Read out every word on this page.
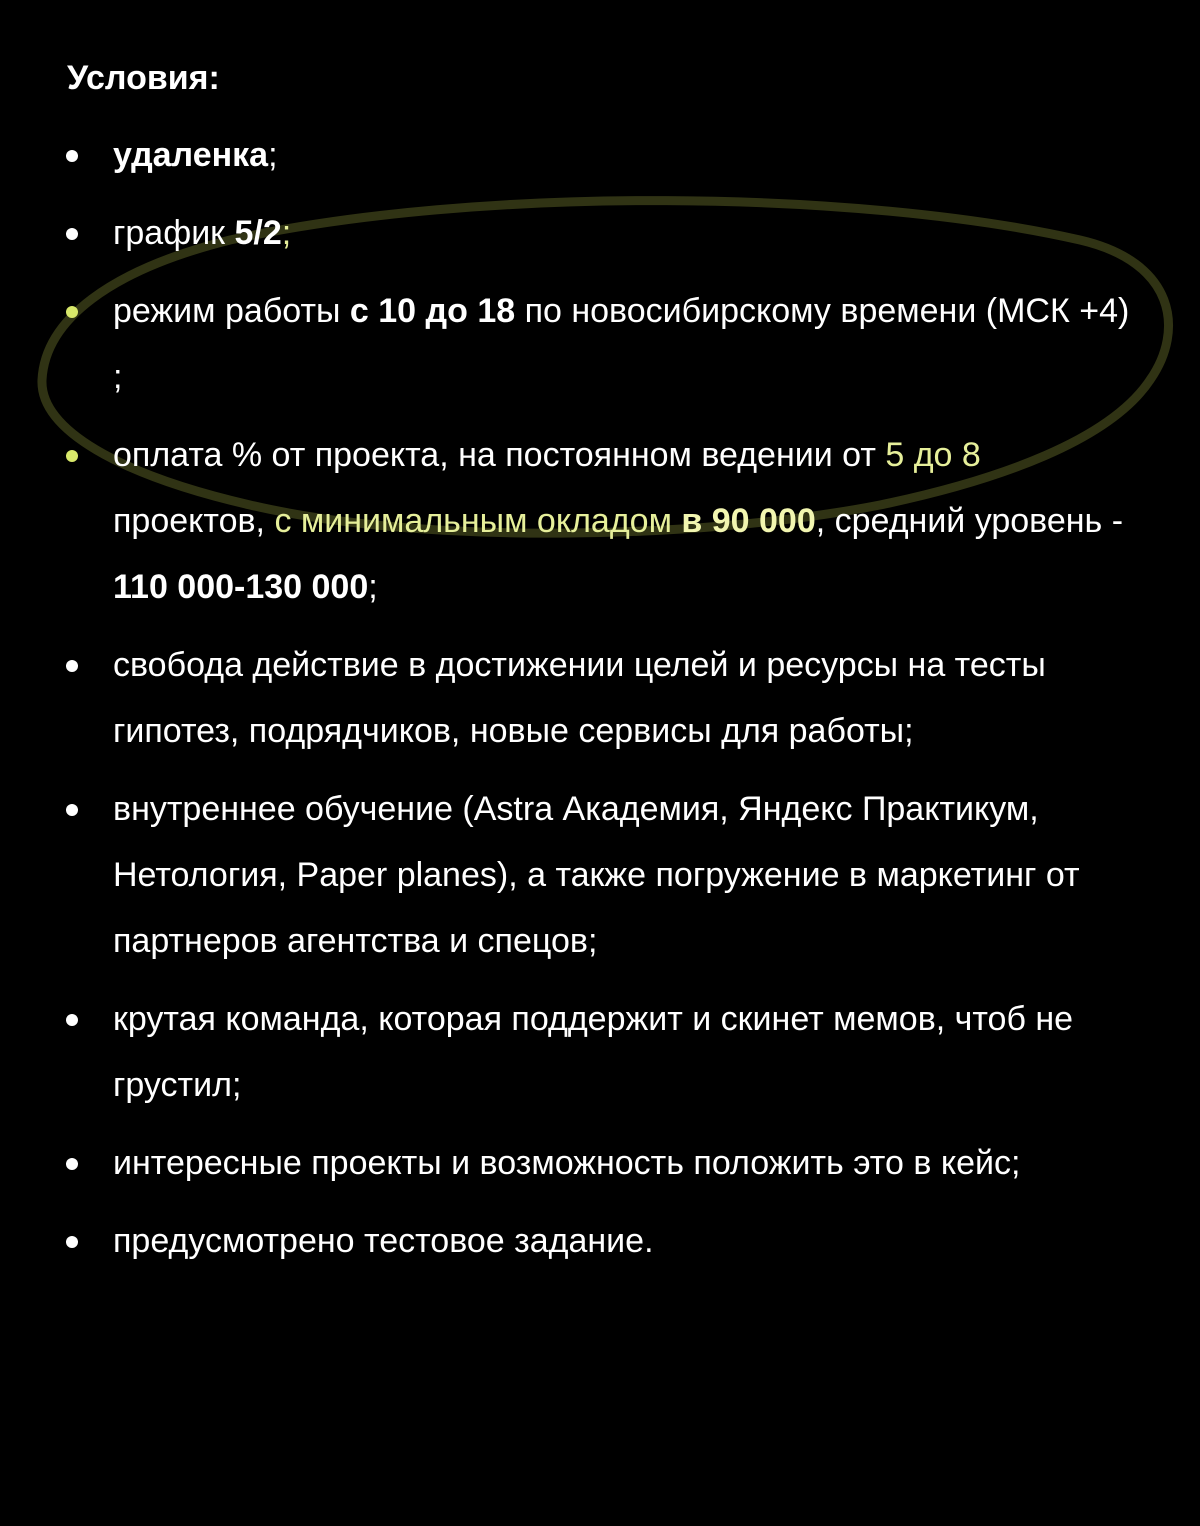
Условия:
удаленка;
график 5/2;
режим работы с 10 до 18 по новосибирскому времени (МСК +4) ;
оплата % от проекта, на постоянном ведении от 5 до 8 проектов, с минимальным окладом в 90 000, средний уровень - 110 000-130 000;
свобода действие в достижении целей и ресурсы на тесты гипотез, подрядчиков, новые сервисы для работы;
внутреннее обучение (Astra Академия, Яндекс Практикум, Нетология, Paper planes), а также погружение в маркетинг от партнеров агентства и спецов;
крутая команда, которая поддержит и скинет мемов, чтоб не грустил;
интересные проекты и возможность положить это в кейс;
предусмотрено тестовое задание.
